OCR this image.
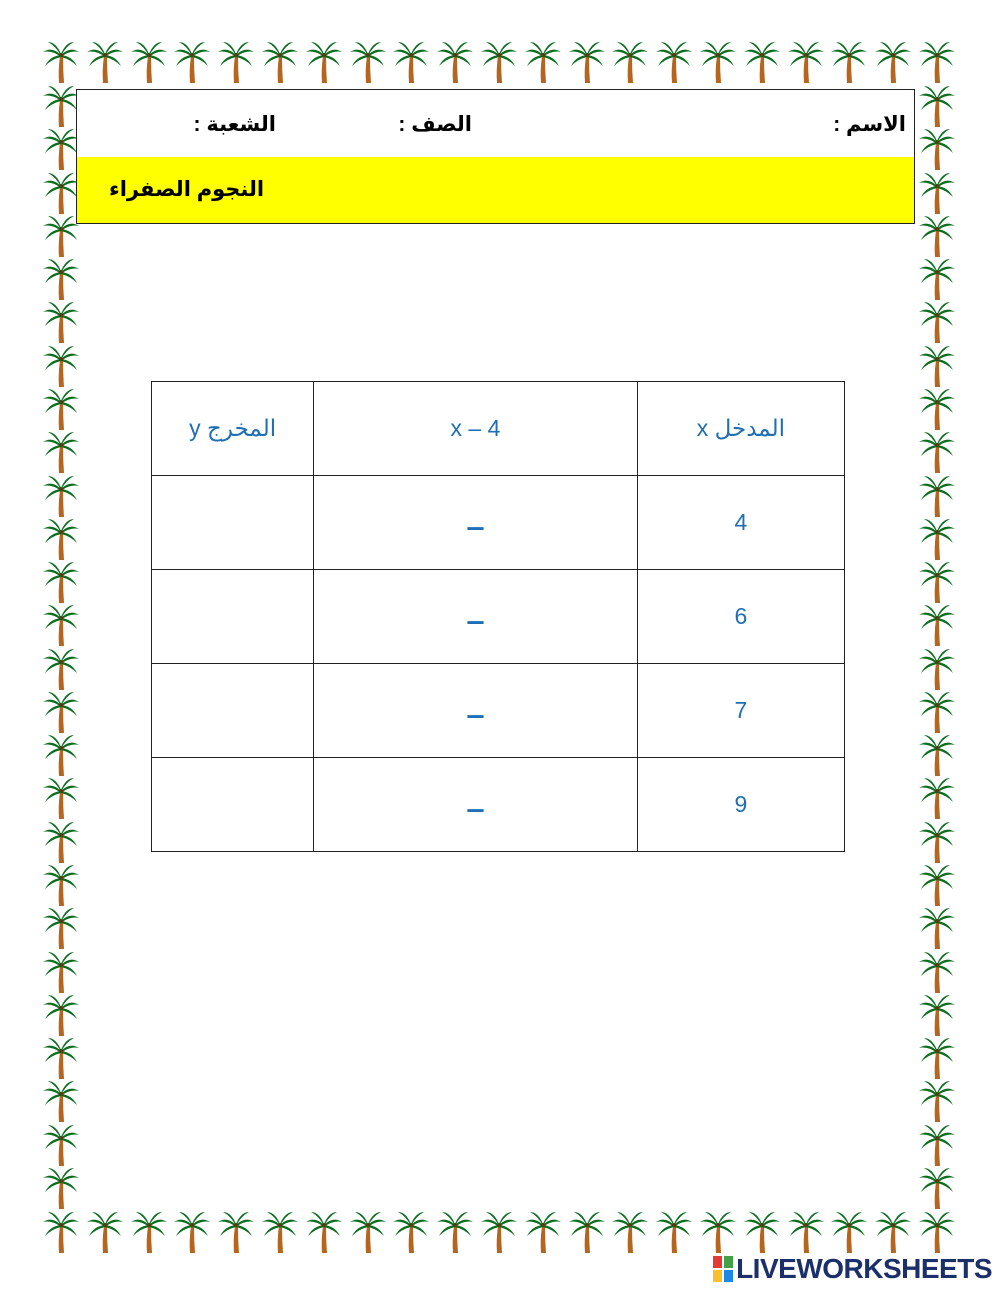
الاسم :
الصف :
الشعبة :
النجوم الصفراء
المدخل x	x – 4	المخرج y
4	ــ	
6	ــ	
7	ــ	
9	ــ	
LIVEWORKSHEETS
